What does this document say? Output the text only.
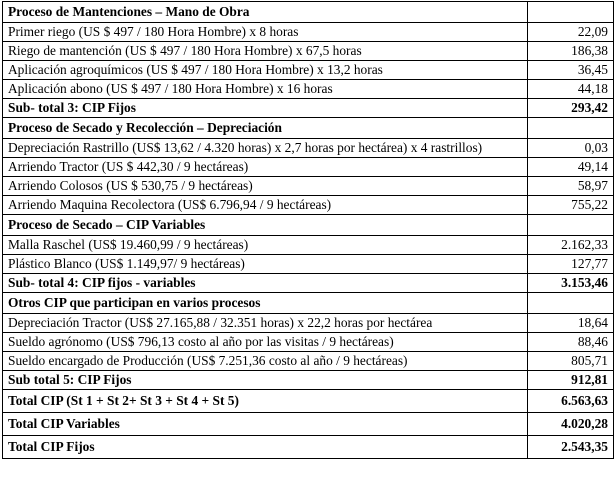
Proceso de Mantenciones – Mano de Obra	
Primer riego (US $ 497 / 180 Hora Hombre) x 8 horas	22,09
Riego de mantención (US $ 497 / 180 Hora Hombre) x 67,5 horas	186,38
Aplicación agroquímicos (US $ 497 / 180 Hora Hombre) x 13,2 horas	36,45
Aplicación abono (US $ 497 / 180 Hora Hombre) x 16 horas	44,18
Sub- total 3: CIP Fijos	293,42
Proceso de Secado y Recolección – Depreciación	
Depreciación Rastrillo (US$ 13,62 / 4.320 horas) x 2,7 horas por hectárea) x 4 rastrillos)	0,03
Arriendo Tractor (US $ 442,30 / 9 hectáreas)	49,14
Arriendo Colosos (US $ 530,75 / 9 hectáreas)	58,97
Arriendo Maquina Recolectora (US$ 6.796,94 / 9 hectáreas)	755,22
Proceso de Secado – CIP Variables	
Malla Raschel (US$ 19.460,99 / 9 hectáreas)	2.162,33
Plástico Blanco (US$ 1.149,97/ 9 hectáreas)	127,77
Sub- total 4: CIP fijos - variables	3.153,46
Otros CIP que participan en varios procesos	
Depreciación Tractor (US$ 27.165,88 / 32.351 horas) x 22,2 horas por hectárea	18,64
Sueldo agrónomo (US$ 796,13 costo al año por las visitas / 9 hectáreas)	88,46
Sueldo encargado de Producción (US$ 7.251,36 costo al año / 9 hectáreas)	805,71
Sub total 5: CIP Fijos	912,81
Total CIP (St 1 + St 2+ St 3 + St 4 + St 5)	6.563,63
Total CIP Variables	4.020,28
Total CIP Fijos	2.543,35
